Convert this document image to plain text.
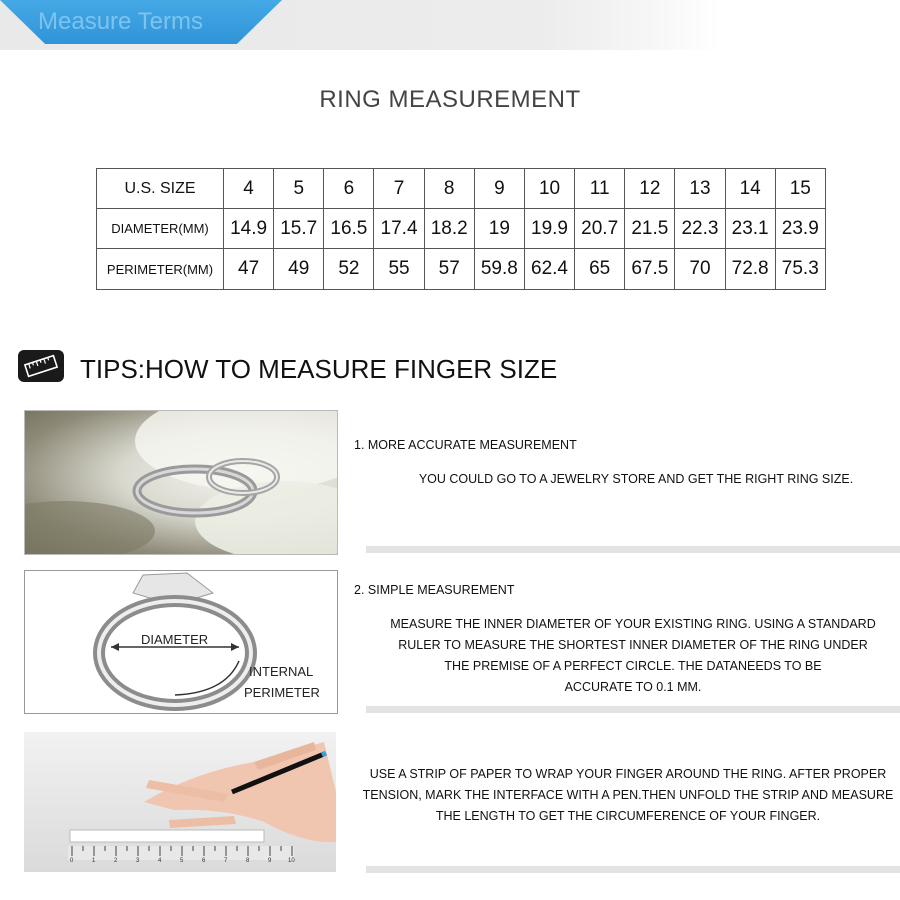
Measure Terms
RING MEASUREMENT
U.S. SIZE	4	5	6	7	8	9	10	11	12	13	14	15
DIAMETER(MM)	14.9	15.7	16.5	17.4	18.2	19	19.9	20.7	21.5	22.3	23.1	23.9
PERIMETER(MM)	47	49	52	55	57	59.8	62.4	65	67.5	70	72.8	75.3
TIPS:HOW TO MEASURE FINGER SIZE
1. MORE ACCURATE MEASUREMENT
YOU COULD GO TO A JEWELRY STORE AND GET THE RIGHT RING SIZE.
DIAMETER
INTERNAL
PERIMETER
2. SIMPLE MEASUREMENT
MEASURE THE INNER DIAMETER OF YOUR EXISTING RING. USING A STANDARD
RULER TO MEASURE THE SHORTEST INNER DIAMETER OF THE RING UNDER
THE PREMISE OF A PERFECT CIRCLE. THE DATANEEDS TO BE
ACCURATE TO 0.1 MM.
0	1	2	3	4	5	6	7	8	9	10
USE A STRIP OF PAPER TO WRAP YOUR FINGER AROUND THE RING. AFTER PROPER
TENSION, MARK THE INTERFACE WITH A PEN.THEN UNFOLD THE STRIP AND MEASURE
THE LENGTH TO GET THE CIRCUMFERENCE OF YOUR FINGER.
